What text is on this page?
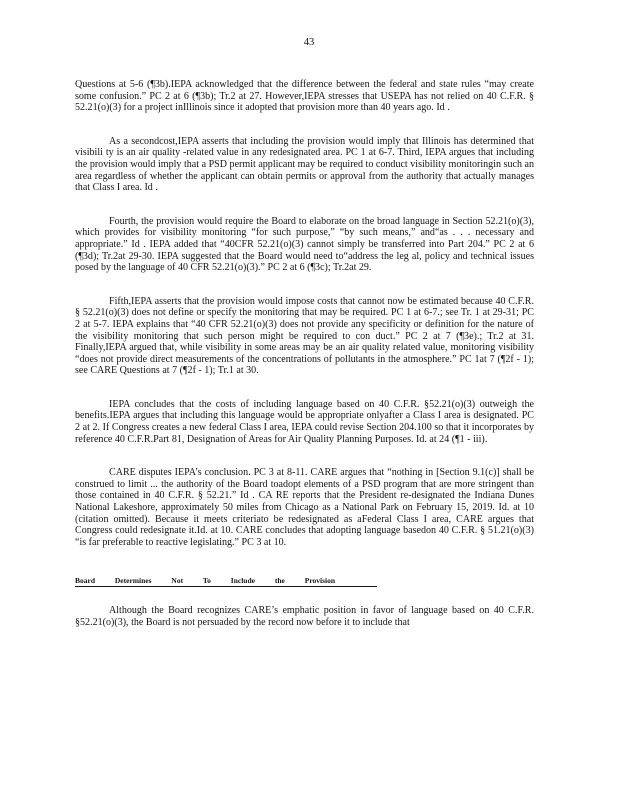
43

Questions at 5-6 (¶3b).IEPA acknowledged that the difference between the federal and state rules “may create some confusion.” PC 2 at 6 (¶3b); Tr.2 at 27. However,IEPA stresses that USEPA has not relied on 40 C.F.R. § 52.21(o)(3) for a project inIllinois since it adopted that provision more than 40 years ago. Id .

As a secondcost,IEPA asserts that including the provision would imply that Illinois has determined that visibili ty is an air quality -related value in any redesignated area. PC 1 at 6-7. Third, IEPA argues that including the provision would imply that a PSD permit applicant may be required to conduct visibility monitoringin such an area regardless of whether the applicant can obtain permits or approval from the authority that actually manages that Class I area. Id .

Fourth, the provision would require the Board to elaborate on the broad language in Section 52.21(o)(3), which provides for visibility monitoring “for such purpose,” “by such means,” and“as . . . necessary and appropriate.” Id . IEPA added that “40CFR 52.21(o)(3) cannot simply be transferred into Part 204.” PC 2 at 6 (¶3d); Tr.2at 29-30. IEPA suggested that the Board would need to“address the leg al, policy and technical issues posed by the language of 40 CFR 52.21(o)(3).” PC 2 at 6 (¶3c); Tr.2at 29.

Fifth,IEPA asserts that the provision would impose costs that cannot now be estimated because 40 C.F.R. § 52.21(o)(3) does not define or specify the monitoring that may be required. PC 1 at 6-7.; see Tr. 1 at 29-31; PC 2 at 5-7. IEPA explains that “40 CFR 52.21(o)(3) does not provide any specificity or definition for the nature of the visibility monitoring that such person might be required to con duct.” PC 2 at 7 (¶3e).; Tr.2 at 31. Finally,IEPA argued that, while visibility in some areas may be an air quality related value, monitoring visibility “does not provide direct measurements of the concentrations of pollutants in the atmosphere.” PC 1at 7 (¶2f - 1); see CARE Questions at 7 (¶2f - 1); Tr.1 at 30.

IEPA concludes that the costs of including language based on 40 C.F.R. §52.21(o)(3) outweigh the benefits.IEPA argues that including this language would be appropriate onlyafter a Class I area is designated. PC 2 at 2. If Congress creates a new federal Class I area, IEPA could revise Section 204.100 so that it incorporates by reference 40 C.F.R.Part 81, Designation of Areas for Air Quality Planning Purposes. Id. at 24 (¶1 - iii).

CARE disputes IEPA’s conclusion. PC 3 at 8-11. CARE argues that “nothing in [Section 9.1(c)] shall be construed to limit ... the authority of the Board toadopt elements of a PSD program that are more stringent than those contained in 40 C.F.R. § 52.21.” Id . CA RE reports that the President re-designated the Indiana Dunes National Lakeshore, approximately 50 miles from Chicago as a National Park on February 15, 2019. Id. at 10 (citation omitted). Because it meets criteriato be redesignated as aFederal Class I area, CARE argues that Congress could redesignate it.Id. at 10. CARE concludes that adopting language basedon 40 C.F.R. § 51.21(o)(3) “is far preferable to reactive legislating.” PC 3 at 10.

Board	Determines	Not	To	Include	the	Provision

Although the Board recognizes CARE’s emphatic position in favor of language based on 40 C.F.R. §52.21(o)(3), the Board is not persuaded by the record now before it to include that
